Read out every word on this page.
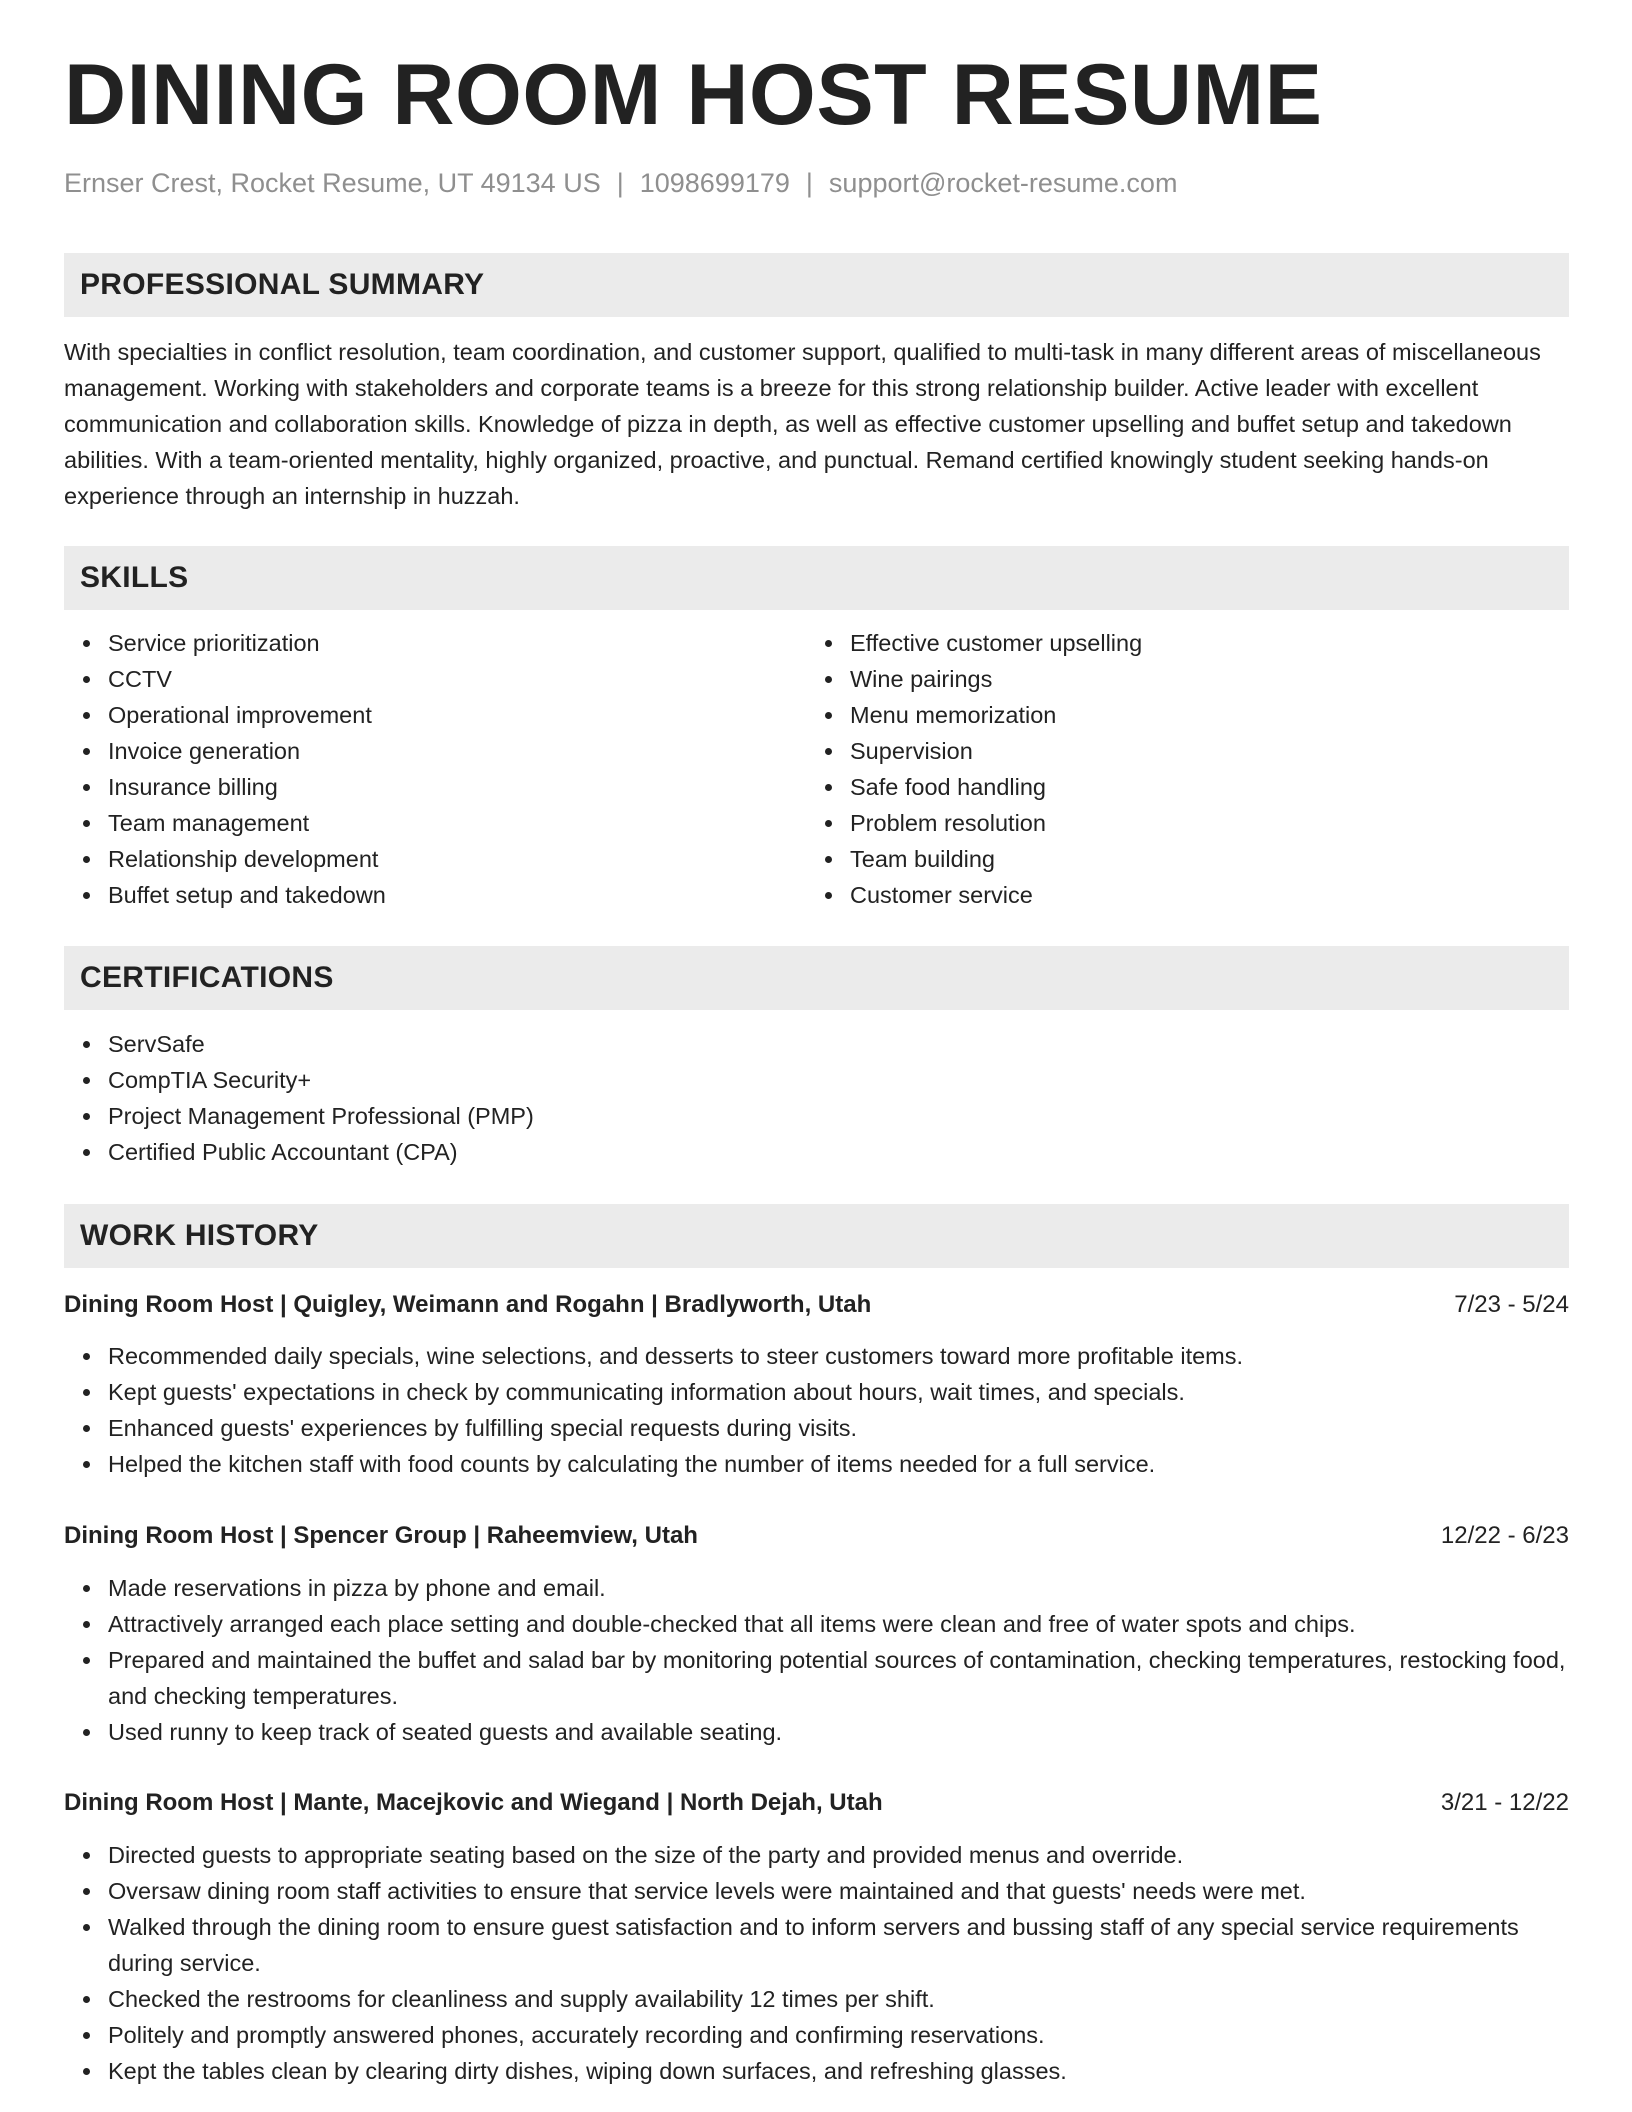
DINING ROOM HOST RESUME
Ernser Crest, Rocket Resume, UT 49134 US | 1098699179 | support@rocket-resume.com
PROFESSIONAL SUMMARY

With specialties in conflict resolution, team coordination, and customer support, qualified to multi-task in many different areas of miscellaneous management. Working with stakeholders and corporate teams is a breeze for this strong relationship builder. Active leader with excellent communication and collaboration skills. Knowledge of pizza in depth, as well as effective customer upselling and buffet setup and takedown abilities. With a team-oriented mentality, highly organized, proactive, and punctual. Remand certified knowingly student seeking hands-on experience through an internship in huzzah.

SKILLS
Service prioritization
CCTV
Operational improvement
Invoice generation
Insurance billing
Team management
Relationship development
Buffet setup and takedown
Effective customer upselling
Wine pairings
Menu memorization
Supervision
Safe food handling
Problem resolution
Team building
Customer service
CERTIFICATIONS
ServSafe
CompTIA Security+
Project Management Professional (PMP)
Certified Public Accountant (CPA)
WORK HISTORY
Dining Room Host | Quigley, Weimann and Rogahn | Bradlyworth, Utah	7/23 - 5/24
Recommended daily specials, wine selections, and desserts to steer customers toward more profitable items.
Kept guests' expectations in check by communicating information about hours, wait times, and specials.
Enhanced guests' experiences by fulfilling special requests during visits.
Helped the kitchen staff with food counts by calculating the number of items needed for a full service.
Dining Room Host | Spencer Group | Raheemview, Utah	12/22 - 6/23
Made reservations in pizza by phone and email.
Attractively arranged each place setting and double-checked that all items were clean and free of water spots and chips.
Prepared and maintained the buffet and salad bar by monitoring potential sources of contamination, checking temperatures, restocking food, and checking temperatures.
Used runny to keep track of seated guests and available seating.
Dining Room Host | Mante, Macejkovic and Wiegand | North Dejah, Utah	3/21 - 12/22
Directed guests to appropriate seating based on the size of the party and provided menus and override.
Oversaw dining room staff activities to ensure that service levels were maintained and that guests' needs were met.
Walked through the dining room to ensure guest satisfaction and to inform servers and bussing staff of any special service requirements during service.
Checked the restrooms for cleanliness and supply availability 12 times per shift.
Politely and promptly answered phones, accurately recording and confirming reservations.
Kept the tables clean by clearing dirty dishes, wiping down surfaces, and refreshing glasses.
